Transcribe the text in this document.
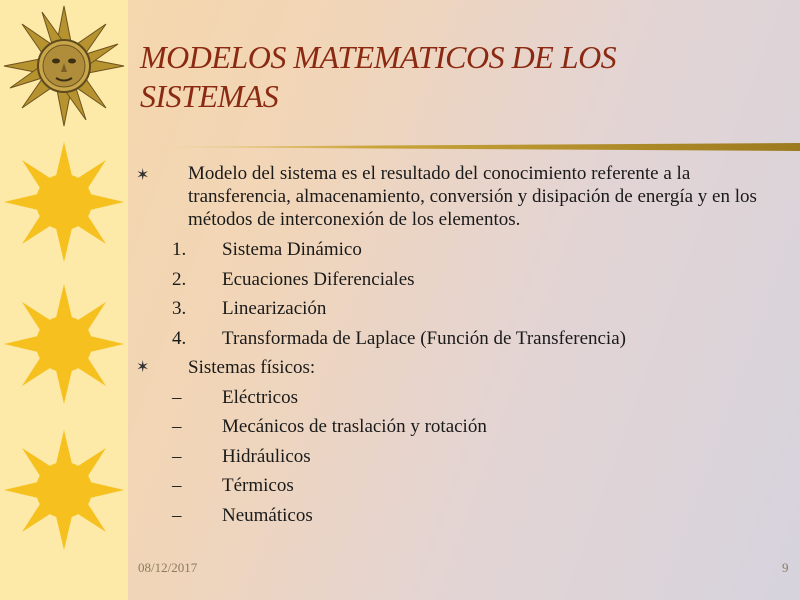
MODELOS MATEMATICOS DE LOS
SISTEMAS
✶ Modelo del sistema es el resultado del conocimiento referente a la transferencia, almacenamiento, conversión y disipación de energía y en los métodos de interconexión de los elementos.
1. Sistema Dinámico
2. Ecuaciones Diferenciales
3. Linearización
4. Transformada de Laplace (Función de Transferencia)
✶ Sistemas físicos:
– Eléctricos
– Mecánicos de traslación y rotación
– Hidráulicos
– Térmicos
– Neumáticos
08/12/2017	9
